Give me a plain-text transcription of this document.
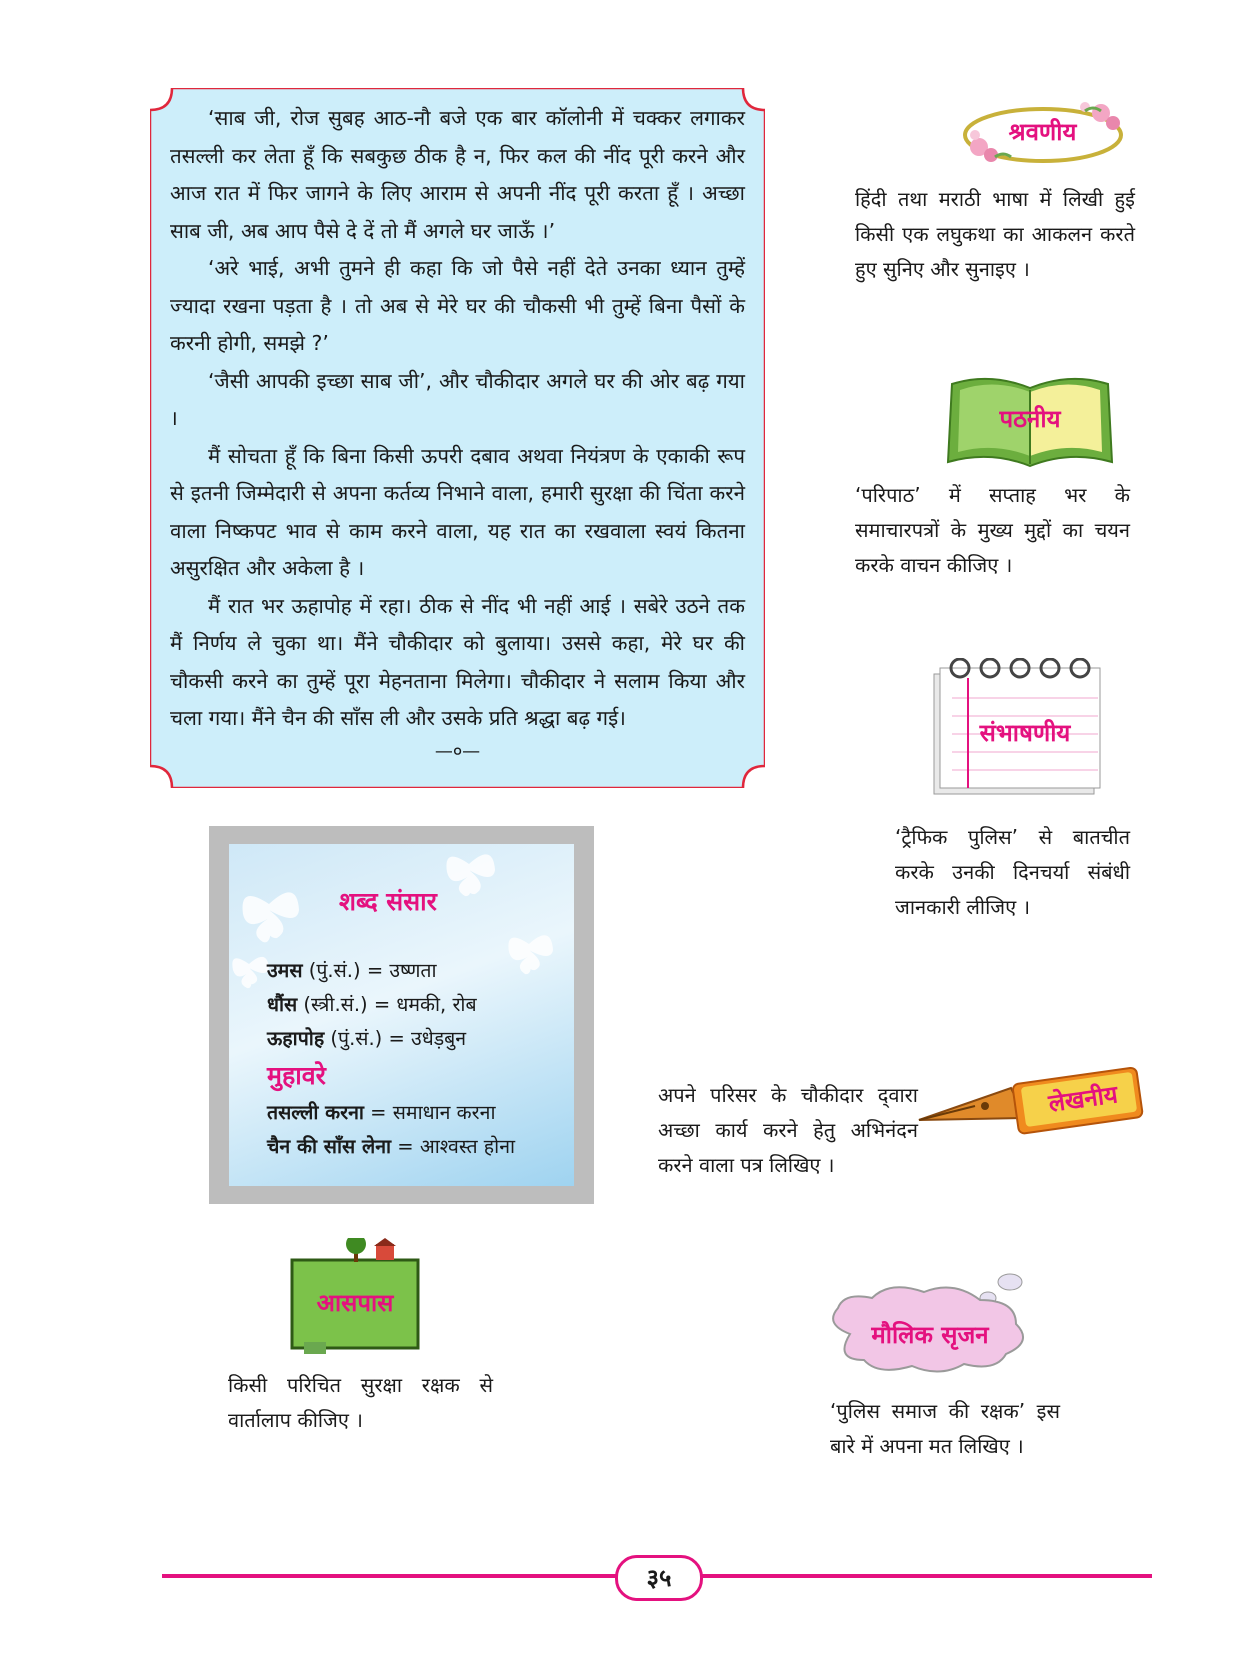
‘साब जी, रोज सुबह आठ-नौ बजे एक बार कॉलोनी में चक्कर लगाकर तसल्ली कर लेता हूँ कि सबकुछ ठीक है न, फिर कल की नींद पूरी करने और आज रात में फिर जागने के लिए आराम से अपनी नींद पूरी करता हूँ । अच्छा साब जी, अब आप पैसे दे दें तो मैं अगले घर जाऊँ ।’

‘अरे भाई, अभी तुमने ही कहा कि जो पैसे नहीं देते उनका ध्यान तुम्हें ज्यादा रखना पड़ता है । तो अब से मेरे घर की चौकसी भी तुम्हें बिना पैसों के करनी होगी, समझे ?’

‘जैसी आपकी इच्छा साब जी’, और चौकीदार अगले घर की ओर बढ़ गया ।

मैं सोचता हूँ कि बिना किसी ऊपरी दबाव अथवा नियंत्रण के एकाकी रूप से इतनी जिम्मेदारी से अपना कर्तव्य निभाने वाला, हमारी सुरक्षा की चिंता करने वाला निष्कपट भाव से काम करने वाला, यह रात का रखवाला स्वयं कितना असुरक्षित और अकेला है ।

मैं रात भर ऊहापोह में रहा। ठीक से नींद भी नहीं आई । सबेरे उठने तक मैं निर्णय ले चुका था। मैंने चौकीदार को बुलाया। उससे कहा, मेरे घर की चौकसी करने का तुम्हें पूरा मेहनताना मिलेगा। चौकीदार ने सलाम किया और चला गया। मैंने चैन की साँस ली और उसके प्रति श्रद्धा बढ़ गई।

—०—
श्रवणीय
हिंदी तथा मराठी भाषा में लिखी हुई किसी एक लघुकथा का आकलन करते हुए सुनिए और सुनाइए ।
पठनीय
‘परिपाठ’ में सप्ताह भर के समाचारपत्रों के मुख्य मुद्दों का चयन करके वाचन कीजिए ।
संभाषणीय
‘ट्रैफिक पुलिस’ से बातचीत करके उनकी दिनचर्या संबंधी जानकारी लीजिए ।
शब्द संसार
उमस (पुं.सं.) = उष्णता
धौंस (स्त्री.सं.) = धमकी, रोब
ऊहापोह (पुं.सं.) = उधेड़बुन
मुहावरे
तसल्ली करना = समाधान करना
चैन की साँस लेना = आश्वस्त होना
अपने परिसर के चौकीदार द्‌वारा अच्छा कार्य करने हेतु अभिनंदन करने वाला पत्र लिखिए ।
लेखनीय
आसपास
किसी परिचित सुरक्षा रक्षक से वार्तालाप कीजिए ।
मौलिक सृजन
‘पुलिस समाज की रक्षक’ इस बारे में अपना मत लिखिए ।
३५
